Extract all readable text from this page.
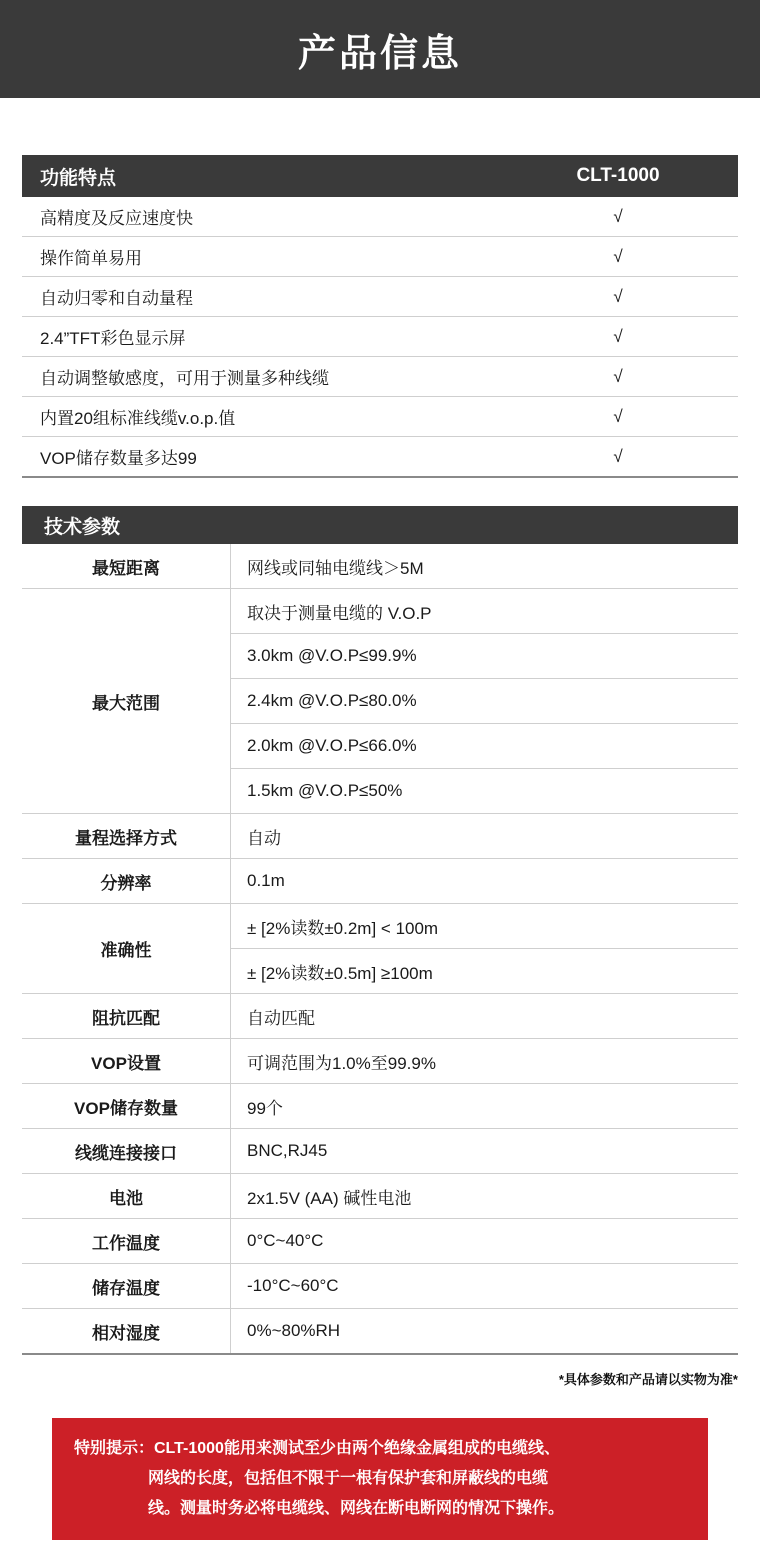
产品信息
功能特点	CLT-1000
高精度及反应速度快	√
操作简单易用	√
自动归零和自动量程	√
2.4”TFT彩色显示屏	√
自动调整敏感度，可用于测量多种线缆	√
内置20组标准线缆v.o.p.值	√
VOP储存数量多达99	√
技术参数
最短距离	网线或同轴电缆线＞5M
最大范围	取决于测量电缆的 V.O.P
	3.0km @V.O.P≤99.9%
	2.4km @V.O.P≤80.0%
	2.0km @V.O.P≤66.0%
	1.5km @V.O.P≤50%
量程选择方式	自动
分辨率	0.1m
准确性	± [2%读数±0.2m] < 100m
	± [2%读数±0.5m] ≥100m
阻抗匹配	自动匹配
VOP设置	可调范围为1.0%至99.9%
VOP储存数量	99个
线缆连接接口	BNC,RJ45
电池	2x1.5V (AA) 碱性电池
工作温度	0°C~40°C
储存温度	-10°C~60°C
相对湿度	0%~80%RH
*具体参数和产品请以实物为准*

特别提示：CLT-1000能用来测试至少由两个绝缘金属组成的电缆线、

网线的长度，包括但不限于一根有保护套和屏蔽线的电缆

线。测量时务必将电缆线、网线在断电断网的情况下操作。
